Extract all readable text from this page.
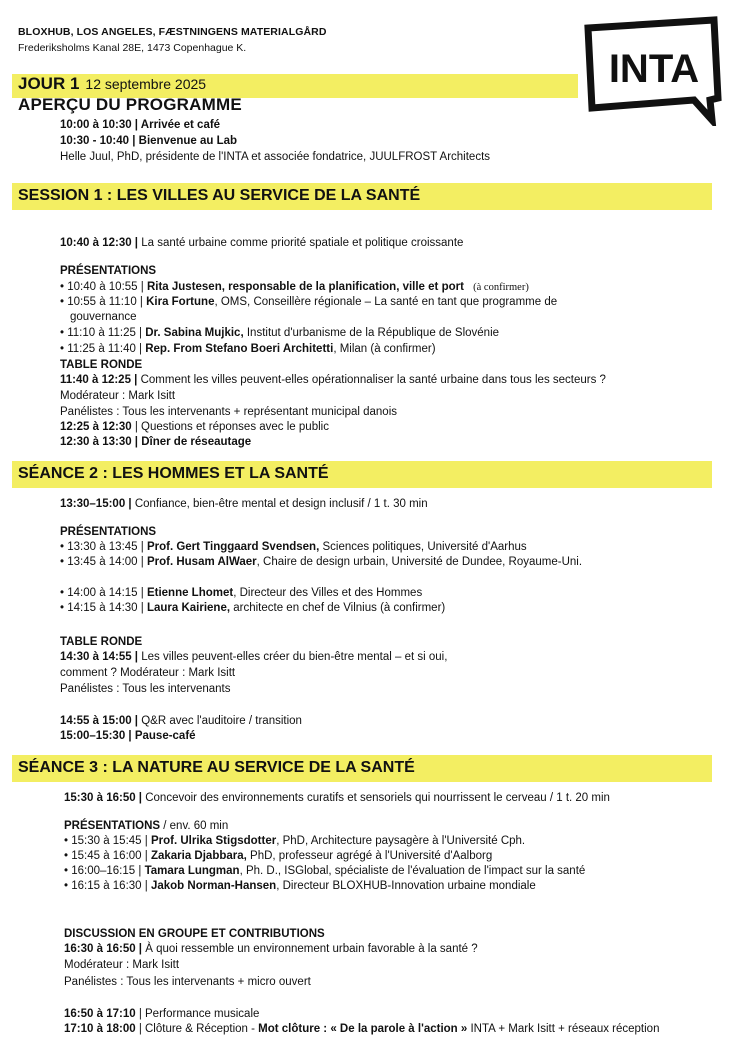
BLOXHUB, LOS ANGELES, FÆSTNINGENS MATERIALGÅRD
Frederiksholms Kanal 28E, 1473 Copenhague K.
JOUR 1 12 septembre 2025
APERÇU DU PROGRAMME
INTA
10:00 à 10:30 | Arrivée et café
10:30 - 10:40 | Bienvenue au Lab
Helle Juul, PhD, présidente de l'INTA et associée fondatrice, JUULFROST Architects
SESSION 1 : LES VILLES AU SERVICE DE LA SANTÉ
10:40 à 12:30 | La santé urbaine comme priorité spatiale et politique croissante
PRÉSENTATIONS
• 10:40 à 10:55 | Rita Justesen, responsable de la planification, ville et port (à confirmer)
• 10:55 à 11:10 | Kira Fortune, OMS, Conseillère régionale – La santé en tant que programme de
gouvernance
• 11:10 à 11:25 | Dr. Sabina Mujkic, Institut d'urbanisme de la République de Slovénie
• 11:25 à 11:40 | Rep. From Stefano Boeri Architetti, Milan (à confirmer)
TABLE RONDE
11:40 à 12:25 | Comment les villes peuvent-elles opérationnaliser la santé urbaine dans tous les secteurs ?
Modérateur : Mark Isitt
Panélistes : Tous les intervenants + représentant municipal danois
12:25 à 12:30 | Questions et réponses avec le public
12:30 à 13:30 | Dîner de réseautage
SÉANCE 2 : LES HOMMES ET LA SANTÉ
13:30–15:00 | Confiance, bien-être mental et design inclusif / 1 t. 30 min
PRÉSENTATIONS
• 13:30 à 13:45 | Prof. Gert Tinggaard Svendsen, Sciences politiques, Université d'Aarhus
• 13:45 à 14:00 | Prof. Husam AlWaer, Chaire de design urbain, Université de Dundee, Royaume-Uni.
• 14:00 à 14:15 | Etienne Lhomet, Directeur des Villes et des Hommes
• 14:15 à 14:30 | Laura Kairiene, architecte en chef de Vilnius (à confirmer)
TABLE RONDE
14:30 à 14:55 | Les villes peuvent-elles créer du bien-être mental – et si oui,
comment ? Modérateur : Mark Isitt
Panélistes : Tous les intervenants
14:55 à 15:00 | Q&R avec l'auditoire / transition
15:00–15:30 | Pause-café
SÉANCE 3 : LA NATURE AU SERVICE DE LA SANTÉ
15:30 à 16:50 | Concevoir des environnements curatifs et sensoriels qui nourrissent le cerveau / 1 t. 20 min
PRÉSENTATIONS / env. 60 min
• 15:30 à 15:45 | Prof. Ulrika Stigsdotter, PhD, Architecture paysagère à l'Université Cph.
• 15:45 à 16:00 | Zakaria Djabbara, PhD, professeur agrégé à l'Université d'Aalborg
• 16:00–16:15 | Tamara Lungman, Ph. D., ISGlobal, spécialiste de l'évaluation de l'impact sur la santé
• 16:15 à 16:30 | Jakob Norman-Hansen, Directeur BLOXHUB-Innovation urbaine mondiale
DISCUSSION EN GROUPE ET CONTRIBUTIONS
16:30 à 16:50 | À quoi ressemble un environnement urbain favorable à la santé ?
Modérateur : Mark Isitt
Panélistes : Tous les intervenants + micro ouvert
16:50 à 17:10 | Performance musicale
17:10 à 18:00 | Clôture & Réception - Mot clôture : « De la parole à l'action » INTA + Mark Isitt + réseaux réception
